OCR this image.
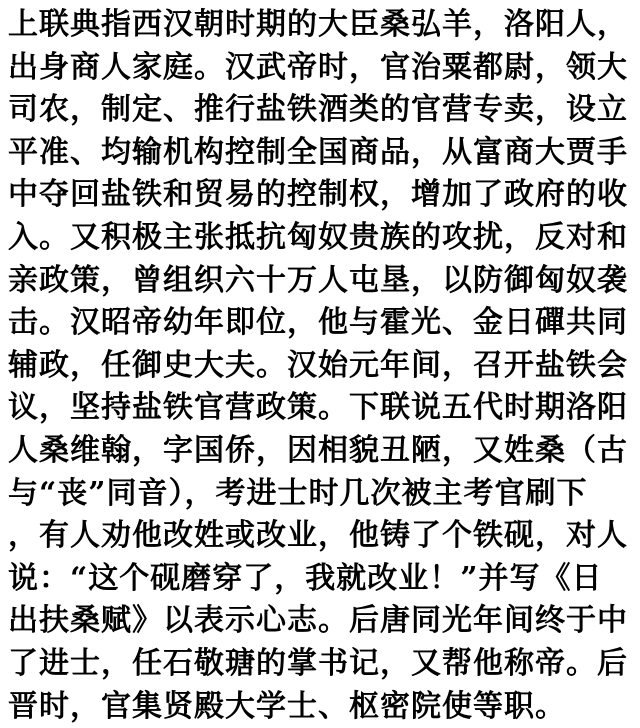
上联典指西汉朝时期的大臣桑弘羊，洛阳人，
出身商人家庭。汉武帝时，官治粟都尉，领大
司农，制定、推行盐铁酒类的官营专卖，设立
平准、均输机构控制全国商品，从富商大贾手
中夺回盐铁和贸易的控制权，增加了政府的收
入。又积极主张抵抗匈奴贵族的攻扰，反对和
亲政策，曾组织六十万人屯垦，以防御匈奴袭
击。汉昭帝幼年即位，他与霍光、金日磾共同
辅政，任御史大夫。汉始元年间，召开盐铁会
议，坚持盐铁官营政策。下联说五代时期洛阳
人桑维翰，字国侨，因相貌丑陋，又姓桑（古
与“丧”同音），考进士时几次被主考官刷下
，有人劝他改姓或改业，他铸了个铁砚，对人
说：“这个砚磨穿了，我就改业！”并写《日
出扶桑赋》以表示心志。后唐同光年间终于中
了进士，任石敬瑭的掌书记，又帮他称帝。后
晋时，官集贤殿大学士、枢密院使等职。
